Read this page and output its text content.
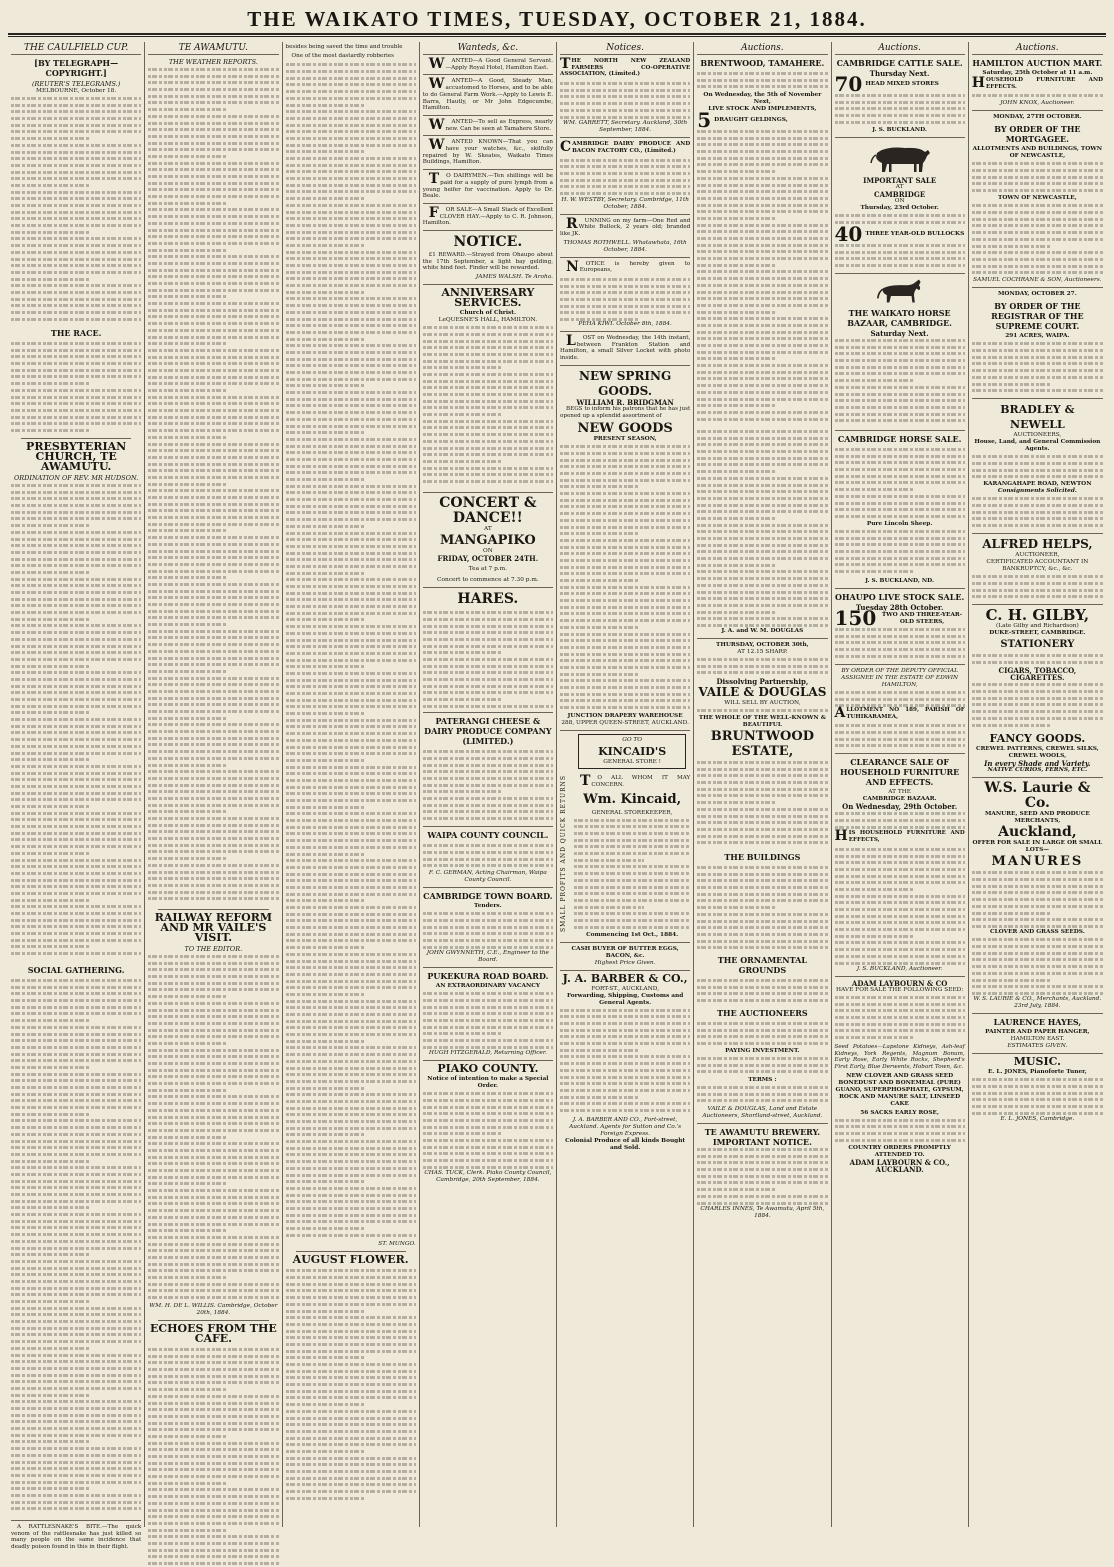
THE WAIKATO TIMES, TUESDAY, OCTOBER 21, 1884.
THE CAULFIELD CUP.
[BY TELEGRAPH—COPYRIGHT.]
(REUTER'S TELEGRAMS.)
MELBOURNE, October 18.
THE RACE.
PRESBYTERIAN CHURCH, TE AWAMUTU.
ORDINATION OF REV. MR HUDSON.
SOCIAL GATHERING.
A RATTLESNAKE'S BITE.—The quick venom of the rattlesnake has just killed so many people on the same incidence that deadly poison found in this in their flight.
TE AWAMUTU.
THE WEATHER REPORTS.
RAILWAY REFORM AND MR VAILE'S VISIT.
TO THE EDITOR.
WM. H. DE L. WILLIS. Cambridge, October 20th, 1884.
ECHOES FROM THE CAFE.
besides being saved the time and trouble
One of the most dastardly robberies
ST. MUNGO.
AUGUST FLOWER.
Wanteds, &c.
WANTED—A Good General Servant.—Apply Royal Hotel, Hamilton East.
WANTED—A Good, Steady Man, accustomed to Horses, and to be able to do General Farm Work.—Apply to Lewis E. Barra, Hautly, or Mr John Edgecumbe, Hamilton.
WANTED—To sell as Express, nearly new. Can be seen at Tamahere Store.
WANTED KNOWN—That you can have your watches, &c., skilfully repaired by W. Skeates, Waikato Times Buildings, Hamilton.
TO DAIRYMEN.—Ten shillings will be paid for a supply of pure lymph from a young heifer for vaccination. Apply to Dr. Beale.
FOR SALE—A Small Stack of Excellent CLOVER HAY.—Apply to C. R. Johnson, Hamilton.
NOTICE.
£1 REWARD.—Strayed from Ohaupo about the 17th September, a light bay gelding, white hind feet. Finder will be rewarded.
JAMES WALSH. Te Aroha.
ANNIVERSARY SERVICES.
Church of Christ.
LeQUESNE'S HALL, HAMILTON.
CONCERT & DANCE!!
AT
MANGAPIKO
ON
FRIDAY, OCTOBER 24TH.
Tea at 7 p.m.
Concert to commence at 7.30 p.m.
HARES.
PATERANGI CHEESE & DAIRY PRODUCE COMPANY (LIMITED.)
WAIPA COUNTY COUNCIL.
F. C. GERMAN, Acting Chairman, Waipa County Council.
CAMBRIDGE TOWN BOARD.
Tenders.
JOHN GWYNNETH, C.E., Engineer to the Board.
PUKEKURA ROAD BOARD.
AN EXTRAORDINARY VACANCY
HUGH FITZGERALD, Returning Officer.
PIAKO COUNTY.
Notice of intention to make a Special Order.
CHAS. TUCK, Clerk. Piako County Council, Cambridge, 20th September, 1884.
Notices.
THE NORTH NEW ZEALAND FARMERS CO-OPERATIVE ASSOCIATION, (Limited.)
WM. GARRETT, Secretary. Auckland, 30th September, 1884.
CAMBRIDGE DAIRY PRODUCE AND BACON FACTORY CO., (Limited.)
H. W. WESTBY, Secretary. Cambridge, 11th October, 1884.
RUNNING on my farm—One Red and White Bullock, 2 years old; branded like JK.
THOMAS ROTHWELL. Whatawhata, 16th October, 1884.
NOTICE is hereby given to Europeans,
PEHA KIWI. October 8th, 1884.
LOST on Wednesday, the 14th instant, between Frankton Station and Hamilton, a small Silver Locket with photo inside.
NEW SPRING GOODS.
WILLIAM R. BRIDGMAN
BEGS to inform his patrons that he has just opened up a splendid assortment of
NEW GOODS
PRESENT SEASON,
JUNCTION DRAPERY WAREHOUSE
288, UPPER QUEEN-STREET, AUCKLAND.
SMALL PROFITS AND QUICK RETURNS
GO TO
KINCAID'S
GENERAL STORE !
TO ALL WHOM IT MAY CONCERN.
Wm. Kincaid,
GENERAL STOREKEEPER,
Commencing 1st Oct., 1884.
CASH BUYER OF BUTTER EGGS, BACON, &c.
Highest Price Given.
J. A. BARBER & CO.,
FORT-ST., AUCKLAND,
Forwarding, Shipping, Customs and General Agents.
J. A. BARBER AND CO., Fort-street, Auckland. Agents for Sutton and Co.'s Foreign Express.
Colonial Produce of all kinds Bought and Sold.
Auctions.
BRENTWOOD, TAMAHERE.
On Wednesday, the 5th of November Next,
LIVE STOCK AND IMPLEMENTS,
5 DRAUGHT GELDINGS,
J. A. and W. M. DOUGLAS
THURSDAY, OCTOBER 30th,
AT 12.15 SHARP.
Dissolving Partnership,
VAILE & DOUGLAS
WILL SELL BY AUCTION,
THE WHOLE OF THE WELL-KNOWN & BEAUTIFUL
BRUNTWOOD ESTATE,
THE BUILDINGS
THE ORNAMENTAL GROUNDS
THE AUCTIONEERS
PAYING INVESTMENT.
TERMS :
VAILE & DOUGLAS, Land and Estate Auctioneers, Shortland-street, Auckland.
TE AWAMUTU BREWERY.
IMPORTANT NOTICE.
CHARLES INNES, Te Awamutu, April 5th, 1884.
Auctions.
CAMBRIDGE CATTLE SALE.
Thursday Next.
70 HEAD MIXED STORES
J. S. BUCKLAND.
IMPORTANT SALE
AT
CAMBRIDGE
ON
Thursday, 23rd October.
40 THREE YEAR-OLD BULLOCKS
THE WAIKATO HORSE BAZAAR, CAMBRIDGE.
Saturday Next.
CAMBRIDGE HORSE SALE.
Pure Lincoln Sheep.
J. S. BUCKLAND, ND.
OHAUPO LIVE STOCK SALE.
Tuesday 28th October.
150 TWO AND THREE-YEAR-OLD STEERS,
BY ORDER OF THE DEPUTY OFFICIAL ASSIGNEE IN THE ESTATE OF EDWIN HAMILTON,
ALLOTMENT NO 189, PARISH OF TUHIKARAMEA,
CLEARANCE SALE OF HOUSEHOLD FURNITURE AND EFFECTS.
AT THE
CAMBRIDGE BAZAAR.
On Wednesday, 29th October.
HIS HOUSEHOLD FURNITURE AND EFFECTS,
J. S. BUCKLAND, Auctioneer.
ADAM LAYBOURN & CO
HAVE FOR SALE THE FOLLOWING SEED:
Seed Potatoes—Lapstone Kidneys, Ash-leaf Kidneys, York Regents, Magnum Bonum, Early Rose, Early White Rocks, Shepherd's First Early, Blue Derwents, Hobart Town, &c.
NEW CLOVER AND GRASS SEED
BONEDUST AND BONEMEAL (PURE) GUANO, SUPERPHOSPHATE, GYPSUM, ROCK AND MANURE SALT, LINSEED CAKE
56 SACKS EARLY ROSE,
COUNTRY ORDERS PROMPTLY ATTENDED TO.
ADAM LAYBOURN & CO., AUCKLAND.
Auctions.
HAMILTON AUCTION MART.
Saturday, 25th October at 11 a.m.
HOUSEHOLD FURNITURE AND EFFECTS.
JOHN KNOX, Auctioneer.
MONDAY, 27TH OCTOBER.
BY ORDER OF THE MORTGAGEE.
ALLOTMENTS AND BUILDINGS, TOWN OF NEWCASTLE,
TOWN OF NEWCASTLE,
SAMUEL COCHRANE & SON, Auctioneers.
MONDAY, OCTOBER 27.
BY ORDER OF THE REGISTRAR OF THE SUPREME COURT.
291 ACRES, WAIPA.
BRADLEY & NEWELL
AUCTIONEERS,
House, Land, and General Commission Agents.
KARANGAHAPE ROAD, NEWTON
Consignments Solicited.
ALFRED HELPS,
AUCTIONEER,
CERTIFICATED ACCOUNTANT IN BANKRUPTCY, &c., &c.
C. H. GILBY,
(Late Gilby and Richardson)
DUKE-STREET, CAMBRIDGE.
STATIONERY
CIGARS, TOBACCO, CIGARETTES.
FANCY GOODS.
CREWEL PATTERNS, CREWEL SILKS, CREWEL WOOLS,
In every Shade and Variety.
NATIVE CURIOS, FERNS, ETC.
W.S. Laurie & Co.
MANURE, SEED AND PRODUCE MERCHANTS,
Auckland,
OFFER FOR SALE IN LARGE OR SMALL LOTS—
MANURES
CLOVER AND GRASS SEEDS.
W. S. LAURIE & CO., Merchants, Auckland. 23rd July, 1884.
LAURENCE HAYES,
PAINTER AND PAPER HANGER,
HAMILTON EAST.
ESTIMATES GIVEN.
MUSIC.
E. L. JONES, Pianoforte Tuner,
E. L. JONES, Cambridge.
